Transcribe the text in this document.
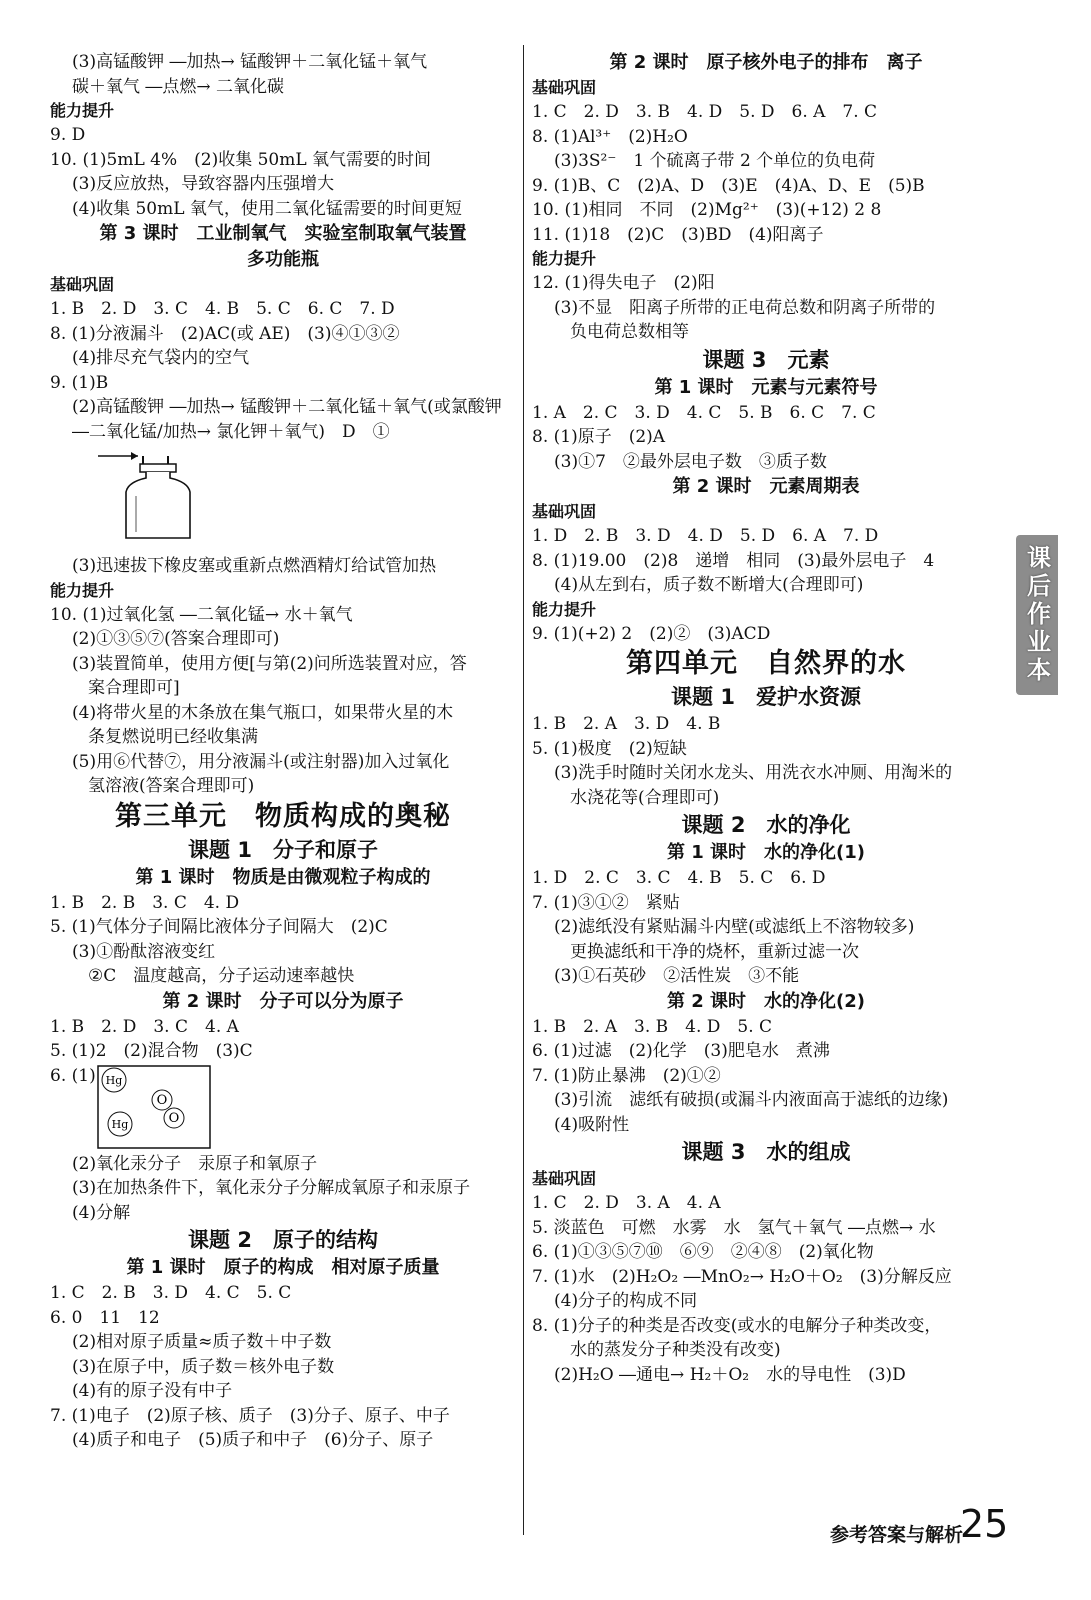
(3)高锰酸钾 ―加热→ 锰酸钾＋二氧化锰＋氧气
碳＋氧气 ―点燃→ 二氧化碳
能力提升
9. D
10. (1)5mL 4%　(2)收集 50mL 氧气需要的时间
(3)反应放热，导致容器内压强增大
(4)收集 50mL 氧气，使用二氧化锰需要的时间更短
第 3 课时　工业制氧气　实验室制取氧气装置
多功能瓶
基础巩固
1. B　2. D　3. C　4. B　5. C　6. C　7. D
8. (1)分液漏斗　(2)AC(或 AE)　(3)④①③②
(4)排尽充气袋内的空气
9. (1)B
(2)高锰酸钾 ―加热→ 锰酸钾＋二氧化锰＋氧气(或氯酸钾
―二氧化锰/加热→ 氯化钾＋氧气)　D　①
(3)迅速拔下橡皮塞或重新点燃酒精灯给试管加热
能力提升
10. (1)过氧化氢 ―二氧化锰→ 水＋氧气
(2)①③⑤⑦(答案合理即可)
(3)装置简单，使用方便[与第(2)问所选装置对应，答
案合理即可]
(4)将带火星的木条放在集气瓶口，如果带火星的木
条复燃说明已经收集满
(5)用⑥代替⑦，用分液漏斗(或注射器)加入过氧化
氢溶液(答案合理即可)
第三单元　物质构成的奥秘
课题 1　分子和原子
第 1 课时　物质是由微观粒子构成的
1. B　2. B　3. C　4. D
5. (1)气体分子间隔比液体分子间隔大　(2)C
(3)①酚酞溶液变红
②C　温度越高，分子运动速率越快
第 2 课时　分子可以分为原子
1. B　2. D　3. C　4. A
5. (1)2　(2)混合物　(3)C
6. (1) Hg
Hg
O
O
(2)氧化汞分子　汞原子和氧原子
(3)在加热条件下，氧化汞分子分解成氧原子和汞原子
(4)分解
课题 2　原子的结构
第 1 课时　原子的构成　相对原子质量
1. C　2. B　3. D　4. C　5. C
6. 0　11　12
(2)相对原子质量≈质子数＋中子数
(3)在原子中，质子数＝核外电子数
(4)有的原子没有中子
7. (1)电子　(2)原子核、质子　(3)分子、原子、中子
(4)质子和电子　(5)质子和中子　(6)分子、原子
第 2 课时　原子核外电子的排布　离子
基础巩固
1. C　2. D　3. B　4. D　5. D　6. A　7. C
8. (1)Al³⁺　(2)H₂O
(3)3S²⁻　1 个硫离子带 2 个单位的负电荷
9. (1)B、C　(2)A、D　(3)E　(4)A、D、E　(5)B
10. (1)相同　不同　(2)Mg²⁺　(3)(+12) 2 8
11. (1)18　(2)C　(3)BD　(4)阳离子
能力提升
12. (1)得失电子　(2)阳
(3)不显　阳离子所带的正电荷总数和阴离子所带的
负电荷总数相等
课题 3　元素
第 1 课时　元素与元素符号
1. A　2. C　3. D　4. C　5. B　6. C　7. C
8. (1)原子　(2)A
(3)①7　②最外层电子数　③质子数
第 2 课时　元素周期表
基础巩固
1. D　2. B　3. D　4. D　5. D　6. A　7. D
8. (1)19.00　(2)8　递增　相同　(3)最外层电子　4
(4)从左到右，质子数不断增大(合理即可)
能力提升
9. (1)(+2) 2　(2)②　(3)ACD
第四单元　自然界的水
课题 1　爱护水资源
1. B　2. A　3. D　4. B
5. (1)极度　(2)短缺
(3)洗手时随时关闭水龙头、用洗衣水冲厕、用淘米的
水浇花等(合理即可)
课题 2　水的净化
第 1 课时　水的净化(1)
1. D　2. C　3. C　4. B　5. C　6. D
7. (1)③①②　紧贴
(2)滤纸没有紧贴漏斗内壁(或滤纸上不溶物较多)
更换滤纸和干净的烧杯，重新过滤一次
(3)①石英砂　②活性炭　③不能
第 2 课时　水的净化(2)
1. B　2. A　3. B　4. D　5. C
6. (1)过滤　(2)化学　(3)肥皂水　煮沸
7. (1)防止暴沸　(2)①②
(3)引流　滤纸有破损(或漏斗内液面高于滤纸的边缘)
(4)吸附性
课题 3　水的组成
基础巩固
1. C　2. D　3. A　4. A
5. 淡蓝色　可燃　水雾　水　氢气＋氧气 ―点燃→ 水
6. (1)①③⑤⑦⑩　⑥⑨　②④⑧　(2)氧化物
7. (1)水　(2)H₂O₂ ―MnO₂→ H₂O＋O₂　(3)分解反应
(4)分子的构成不同
8. (1)分子的种类是否改变(或水的电解分子种类改变，
水的蒸发分子种类没有改变)
(2)H₂O ―通电→ H₂＋O₂　水的导电性　(3)D
课后作业本
参考答案与解析
25
